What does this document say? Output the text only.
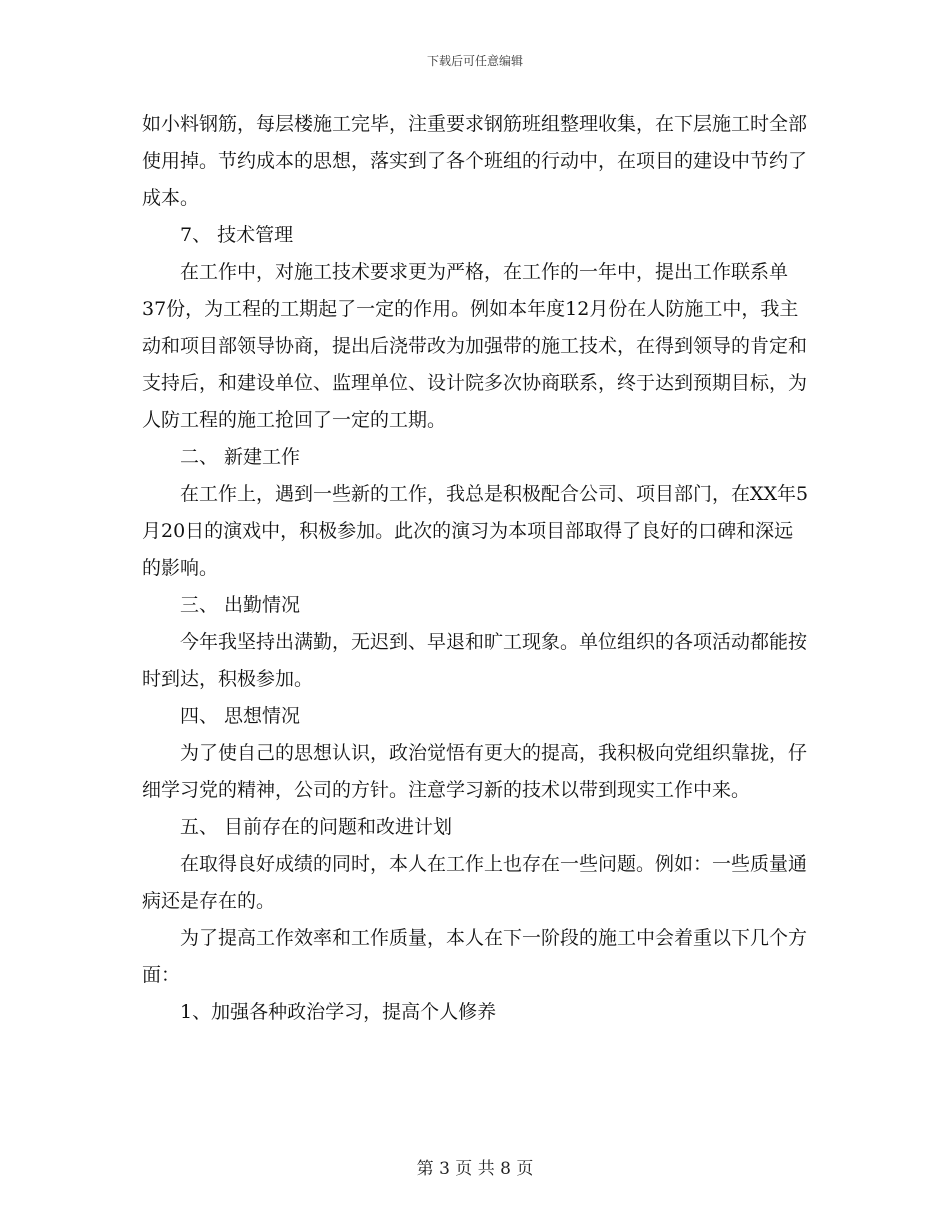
下载后可任意编辑

如小料钢筋，每层楼施工完毕，注重要求钢筋班组整理收集，在下层施工时全部使用掉。节约成本的思想，落实到了各个班组的行动中，在项目的建设中节约了成本。

7、 技术管理

在工作中，对施工技术要求更为严格，在工作的一年中，提出工作联系单37份，为工程的工期起了一定的作用。例如本年度12月份在人防施工中，我主动和项目部领导协商，提出后浇带改为加强带的施工技术，在得到领导的肯定和支持后，和建设单位、监理单位、设计院多次协商联系，终于达到预期目标，为人防工程的施工抢回了一定的工期。

二、 新建工作

在工作上，遇到一些新的工作，我总是积极配合公司、项目部门，在XX年5月20日的演戏中，积极参加。此次的演习为本项目部取得了良好的口碑和深远的影响。

三、 出勤情况

今年我坚持出满勤，无迟到、早退和旷工现象。单位组织的各项活动都能按时到达，积极参加。

四、 思想情况

为了使自己的思想认识，政治觉悟有更大的提高，我积极向党组织靠拢，仔细学习党的精神，公司的方针。注意学习新的技术以带到现实工作中来。

五、 目前存在的问题和改进计划

在取得良好成绩的同时，本人在工作上也存在一些问题。例如：一些质量通病还是存在的。

为了提高工作效率和工作质量，本人在下一阶段的施工中会着重以下几个方面：

1、加强各种政治学习，提高个人修养

第 3 页 共 8 页
